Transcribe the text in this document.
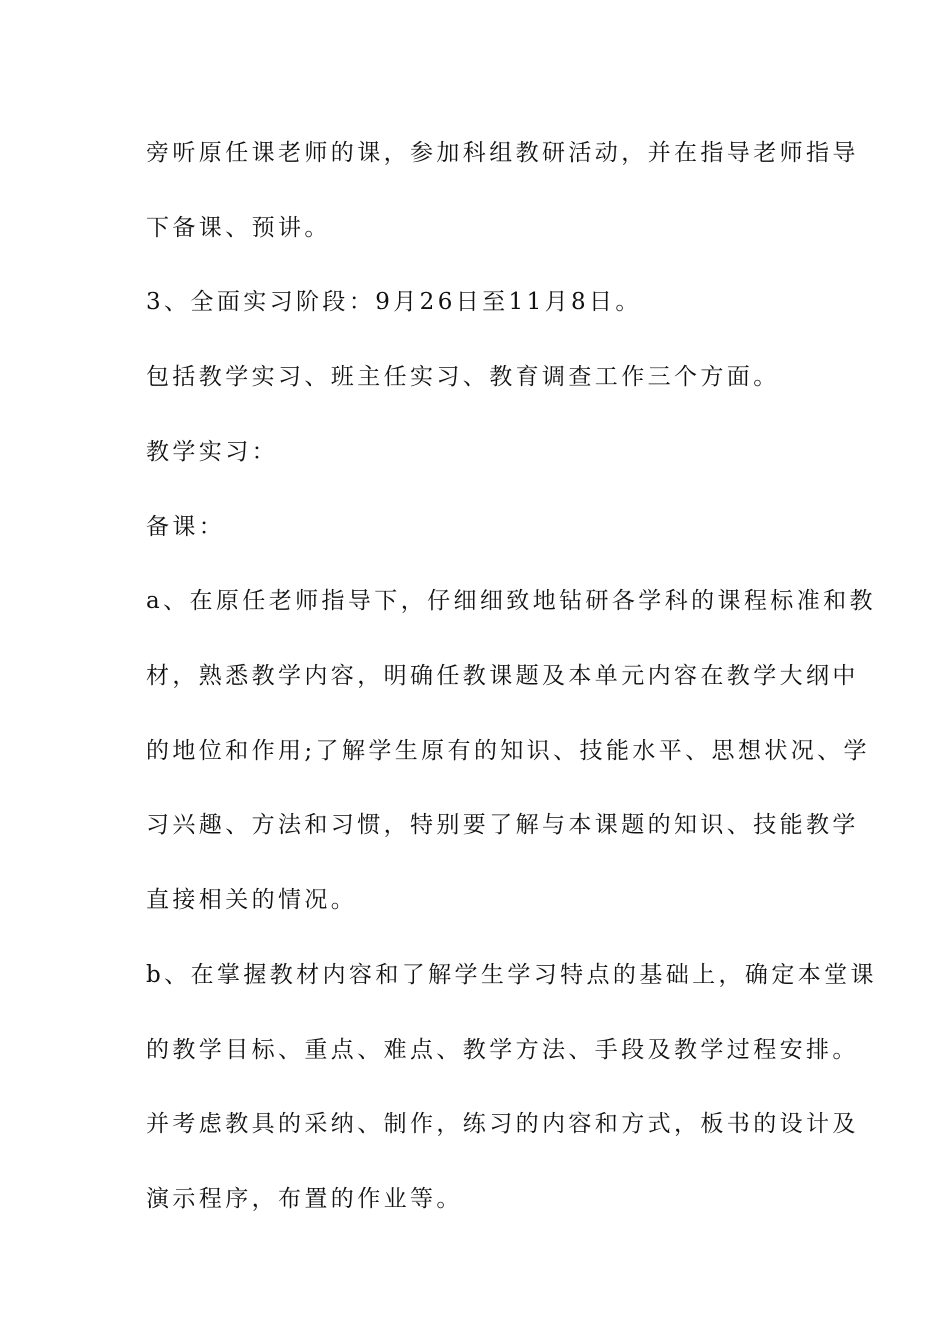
旁听原任课老师的课，参加科组教研活动，并在指导老师指导
下备课、预讲。
3、全面实习阶段：9月26日至11月8日。
包括教学实习、班主任实习、教育调查工作三个方面。
教学实习：
备课：
a、在原任老师指导下，仔细细致地钻研各学科的课程标准和教
材，熟悉教学内容，明确任教课题及本单元内容在教学大纲中
的地位和作用;了解学生原有的知识、技能水平、思想状况、学
习兴趣、方法和习惯，特别要了解与本课题的知识、技能教学
直接相关的情况。
b、在掌握教材内容和了解学生学习特点的基础上，确定本堂课
的教学目标、重点、难点、教学方法、手段及教学过程安排。
并考虑教具的采纳、制作，练习的内容和方式，板书的设计及
演示程序，布置的作业等。
